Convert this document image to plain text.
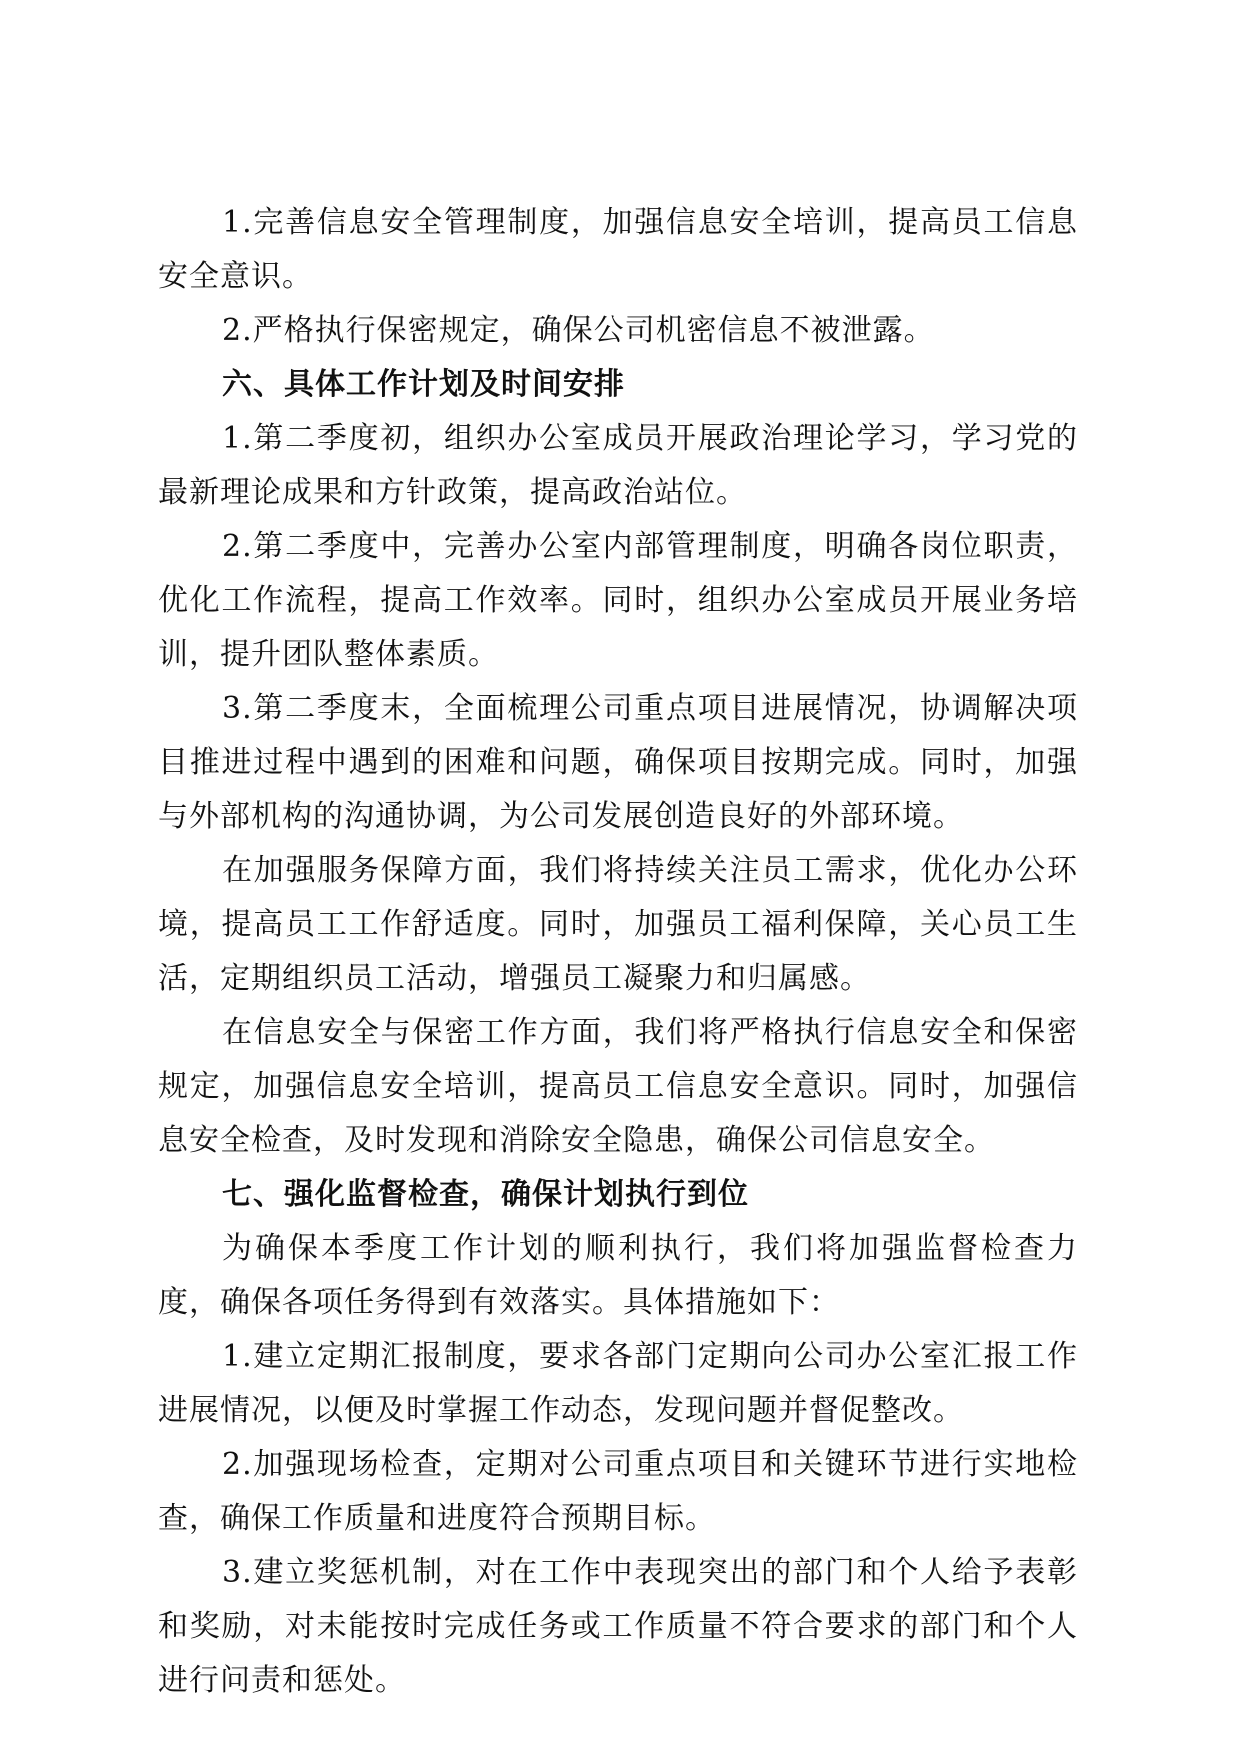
1.完善信息安全管理制度，加强信息安全培训，提高员工信息安全意识。

2.严格执行保密规定，确保公司机密信息不被泄露。

六、具体工作计划及时间安排

1.第二季度初，组织办公室成员开展政治理论学习，学习党的最新理论成果和方针政策，提高政治站位。

2.第二季度中，完善办公室内部管理制度，明确各岗位职责，优化工作流程，提高工作效率。同时，组织办公室成员开展业务培训，提升团队整体素质。

3.第二季度末，全面梳理公司重点项目进展情况，协调解决项目推进过程中遇到的困难和问题，确保项目按期完成。同时，加强与外部机构的沟通协调，为公司发展创造良好的外部环境。

在加强服务保障方面，我们将持续关注员工需求，优化办公环境，提高员工工作舒适度。同时，加强员工福利保障，关心员工生活，定期组织员工活动，增强员工凝聚力和归属感。

在信息安全与保密工作方面，我们将严格执行信息安全和保密规定，加强信息安全培训，提高员工信息安全意识。同时，加强信息安全检查，及时发现和消除安全隐患，确保公司信息安全。

七、强化监督检查，确保计划执行到位

为确保本季度工作计划的顺利执行，我们将加强监督检查力度，确保各项任务得到有效落实。具体措施如下：

1.建立定期汇报制度，要求各部门定期向公司办公室汇报工作进展情况，以便及时掌握工作动态，发现问题并督促整改。

2.加强现场检查，定期对公司重点项目和关键环节进行实地检查，确保工作质量和进度符合预期目标。

3.建立奖惩机制，对在工作中表现突出的部门和个人给予表彰和奖励，对未能按时完成任务或工作质量不符合要求的部门和个人进行问责和惩处。
